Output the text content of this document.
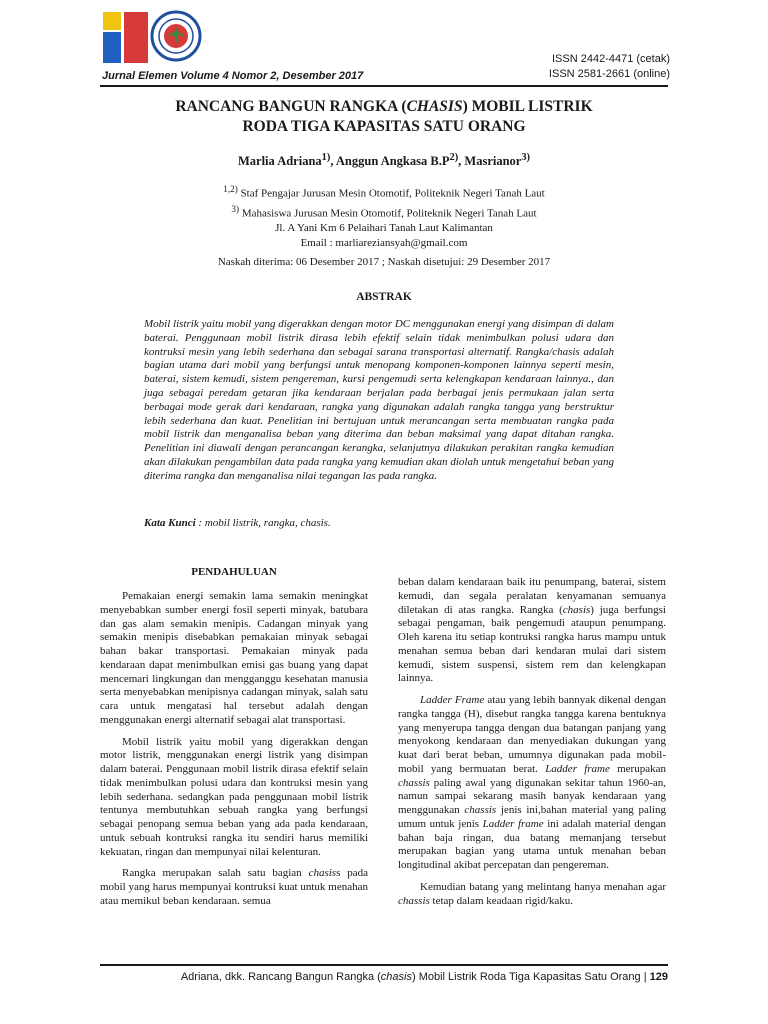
Jurnal Elemen Volume 4 Nomor 2, Desember 2017
ISSN 2442-4471 (cetak)
ISSN 2581-2661 (online)
RANCANG BANGUN RANGKA (CHASIS) MOBIL LISTRIK
RODA TIGA KAPASITAS SATU ORANG
Marlia Adriana$^{1)}$, Anggun Angkasa $B.P^{2)}$, Masrianor$^{3)}$
$^{1,2)}$ Staf Pengajar Jurusan Mesin Otomotif, Politeknik Negeri Tanah Laut
$^{3)}$ Mahasiswa Jurusan Mesin Otomotif, Politeknik Negeri Tanah Laut
Jl. A Yani Km 6 Pelaihari Tanah Laut Kalimantan
Email : marliareziansyah@gmail.com
Naskah diterima: 06 Desember 2017 ; Naskah disetujui: 29 Desember 2017
ABSTRAK
Mobil listrik yaitu mobil yang digerakkan dengan motor DC menggunakan energi yang disimpan di dalam baterai. Penggunaan mobil listrik dirasa lebih efektif selain tidak menimbulkan polusi udara dan kontruksi mesin yang lebih sederhana dan sebagai sarana transportasi alternatif. Rangka/chasis adalah bagian utama dari mobil yang berfungsi untuk menopang komponen-komponen lainnya seperti mesin, baterai, sistem kemudi, sistem pengereman, kursi pengemudi serta kelengkapan kendaraan lainnya., dan juga sebagai peredam getaran jika kendaraan berjalan pada berbagai jenis permukaan jalan serta berbagai mode gerak dari kendaraan, rangka yang digunakan adalah rangka tangga yang berstruktur lebih sederhana dan kuat. Penelitian ini bertujuan untuk merancangan serta membuatan rangka pada mobil listrik dan menganalisa beban yang diterima dan beban maksimal yang dapat ditahan rangka. Penelitian ini diawali dengan perancangan kerangka, selanjutnya dilakukan perakitan rangka kemudian akan dilakukan pengambilan data pada rangka yang kemudian akan diolah untuk mengetahui beban yang diterima rangka dan menganalisa nilai tegangan las pada rangka.
Kata Kunci : mobil listrik, rangka, chasis.
PENDAHULUAN

Pemakaian energi semakin lama semakin meningkat menyebabkan sumber energi fosil seperti minyak, batubara dan gas alam semakin menipis. Cadangan minyak yang semakin menipis disebabkan pemakaian minyak sebagai bahan bakar transportasi. Pemakaian minyak pada kendaraan dapat menimbulkan emisi gas buang yang dapat mencemari lingkungan dan mengganggu kesehatan manusia serta menyebabkan menipisnya cadangan minyak, salah satu cara untuk mengatasi hal tersebut adalah dengan menggunakan energi alternatif sebagai alat transportasi.

Mobil listrik yaitu mobil yang digerakkan dengan motor listrik, menggunakan energi listrik yang disimpan dalam baterai. Penggunaan mobil listrik dirasa efektif selain tidak menimbulkan polusi udara dan kontruksi mesin yang lebih sederhana. sedangkan pada penggunaan mobil listrik tentunya membutuhkan sebuah rangka yang berfungsi sebagai penopang semua beban yang ada pada kendaraan, untuk sebuah kontruksi rangka itu sendiri harus memiliki kekuatan, ringan dan mempunyai nilai kelenturan.

Rangka merupakan salah satu bagian chasiss pada mobil yang harus mempunyai kontruksi kuat untuk menahan atau memikul beban kendaraan. semua

beban dalam kendaraan baik itu penumpang, baterai, sistem kemudi, dan segala peralatan kenyamanan semuanya diletakan di atas rangka. Rangka (chasis) juga berfungsi sebagai pengaman, baik pengemudi ataupun penumpang. Oleh karena itu setiap kontruksi rangka harus mampu untuk menahan semua beban dari kendaran mulai dari sistem kemudi, sistem suspensi, sistem rem dan kelengkapan lainnya.

Ladder Frame atau yang lebih bannyak dikenal dengan rangka tangga (H), disebut rangka tangga karena bentuknya yang menyerupa tangga dengan dua batangan panjang yang menyokong kendaraan dan menyediakan dukungan yang kuat dari berat beban, umumnya digunakan pada mobil-mobil yang bermuatan berat. Ladder frame merupakan chassis paling awal yang digunakan sekitar tahun 1960-an, namun sampai sekarang masih banyak kendaraan yang menggunakan chassis jenis ini,bahan material yang paling umum untuk jenis Ladder frame ini adalah material dengan bahan baja ringan, dua batang memanjang tersebut merupakan bagian yang utama untuk menahan beban longitudinal akibat percepatan dan pengereman.

Kemudian batang yang melintang hanya menahan agar chassis tetap dalam keadaan rigid/kaku.

Adriana, dkk. Rancang Bangun Rangka (chasis) Mobil Listrik Roda Tiga Kapasitas Satu Orang | 129
